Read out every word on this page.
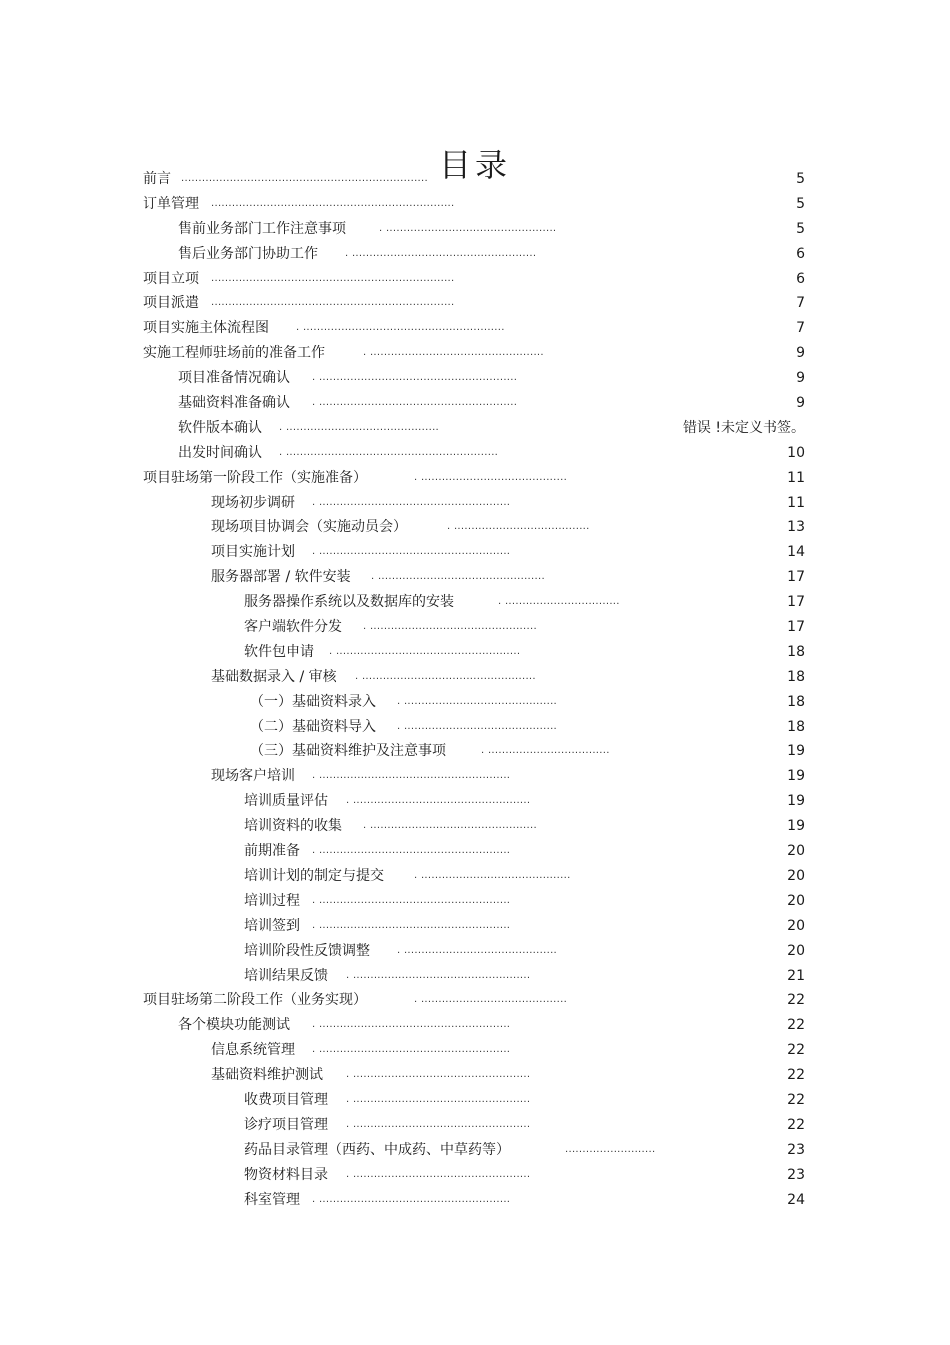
目录
前言 .......................................................................	5
订单管理 ......................................................................	5
售前业务部门工作注意事项	. .................................................	5
售后业务部门协助工作	. .....................................................	6
项目立项 ......................................................................	6
项目派遣 ......................................................................	7
项目实施主体流程图	. ..........................................................	7
实施工程师驻场前的准备工作	. ..................................................	9
项目准备情况确认 . .........................................................	9
基础资料准备确认 . .........................................................	9
软件版本确认 . ............................................	错误 !未定义书签。
出发时间确认 . .............................................................	10
项目驻场第一阶段工作（实施准备）	. ..........................................	11
现场初步调研 . .......................................................	11
现场项目协调会（实施动员会）	. .......................................	13
项目实施计划 . .......................................................	14
服务器部署 / 软件安装 . ................................................	17
服务器操作系统以及数据库的安装	. .................................	17
客户端软件分发 . ................................................	17
软件包申请 . .....................................................	18
基础数据录入 / 审核 . ..................................................	18
（一）基础资料录入 . ............................................	18
（二）基础资料导入 . ............................................	18
（三）基础资料维护及注意事项	. ...................................	19
现场客户培训 . .......................................................	19
培训质量评估 . ...................................................	19
培训资料的收集 . ................................................	19
前期准备 . .......................................................	20
培训计划的制定与提交	. ...........................................	20
培训过程 . .......................................................	20
培训签到 . .......................................................	20
培训阶段性反馈调整	. ............................................	20
培训结果反馈 . ...................................................	21
项目驻场第二阶段工作（业务实现）	. ..........................................	22
各个模块功能测试 . .......................................................	22
信息系统管理 . .......................................................	22
基础资料维护测试 . ...................................................	22
收费项目管理 . ...................................................	22
诊疗项目管理 . ...................................................	22
药品目录管理（西药、中成药、中草药等）	..........................	23
物资材料目录 . ...................................................	23
科室管理 . .......................................................	24
